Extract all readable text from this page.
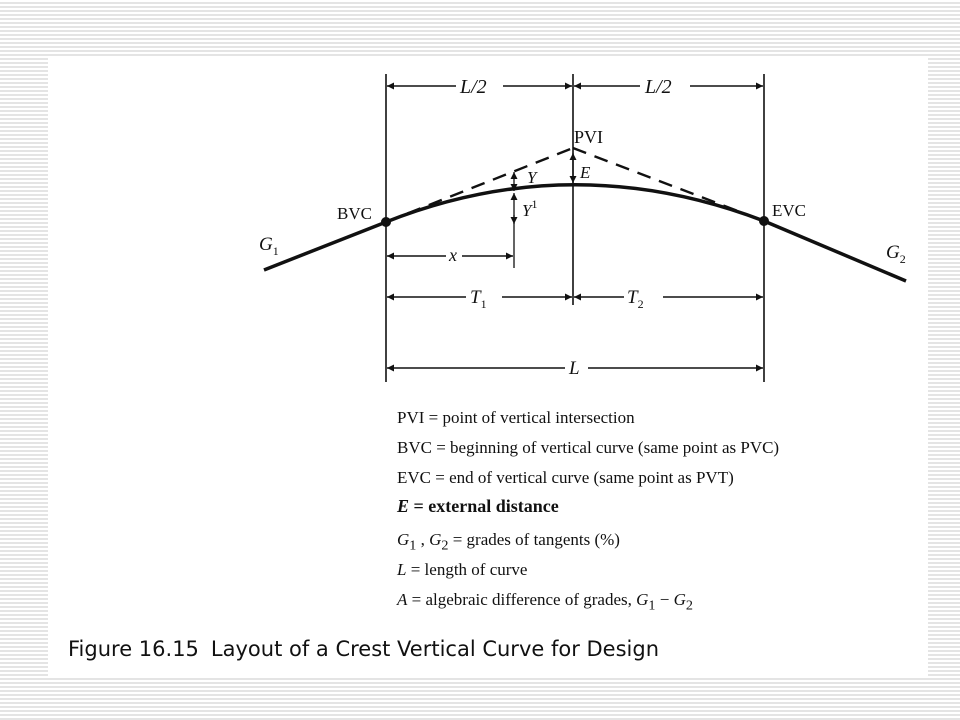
L/2	L/2
PVI
E
Y
$Y^1$
BVC	EVC
$G_1$	$G_2$
x
$T_1$	$T_2$
L
PVI = point of vertical intersection
BVC = beginning of vertical curve (same point as PVC)
EVC = end of vertical curve (same point as PVT)
E = external distance
$G_1$ , $G_2$ = grades of tangents (%)
L = length of curve
A = algebraic difference of grades, $G_1 - G_2$
Figure 16.15 Layout of a Crest Vertical Curve for Design
